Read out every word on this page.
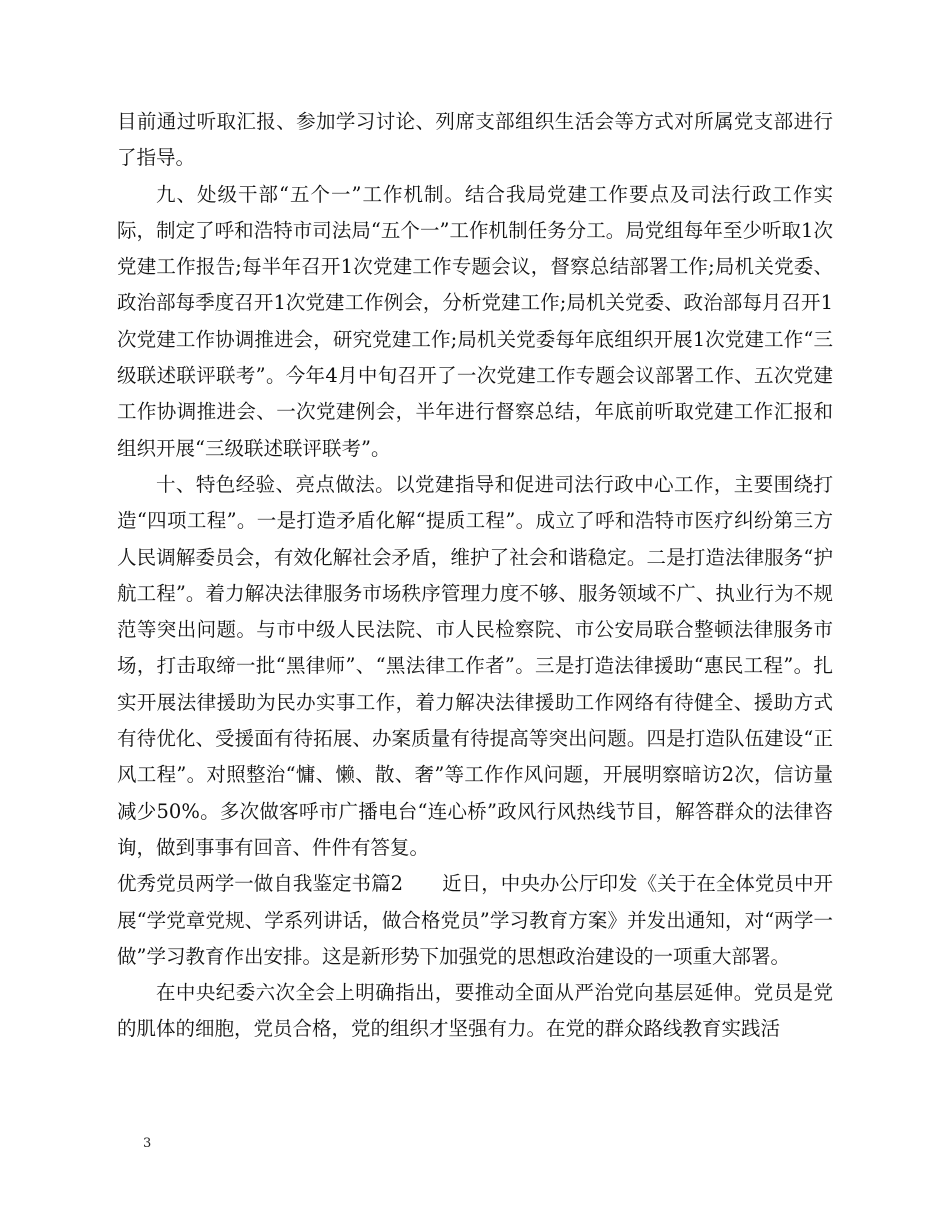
目前通过听取汇报、参加学习讨论、列席支部组织生活会等方式对所属党支部进行了指导。

九、处级干部“五个一”工作机制。结合我局党建工作要点及司法行政工作实际，制定了呼和浩特市司法局“五个一”工作机制任务分工。局党组每年至少听取1次党建工作报告;每半年召开1次党建工作专题会议，督察总结部署工作;局机关党委、政治部每季度召开1次党建工作例会，分析党建工作;局机关党委、政治部每月召开1次党建工作协调推进会，研究党建工作;局机关党委每年底组织开展1次党建工作“三级联述联评联考”。今年4月中旬召开了一次党建工作专题会议部署工作、五次党建工作协调推进会、一次党建例会，半年进行督察总结，年底前听取党建工作汇报和组织开展“三级联述联评联考”。

十、特色经验、亮点做法。以党建指导和促进司法行政中心工作，主要围绕打造“四项工程”。一是打造矛盾化解“提质工程”。成立了呼和浩特市医疗纠纷第三方人民调解委员会，有效化解社会矛盾，维护了社会和谐稳定。二是打造法律服务“护航工程”。着力解决法律服务市场秩序管理力度不够、服务领域不广、执业行为不规范等突出问题。与市中级人民法院、市人民检察院、市公安局联合整顿法律服务市场，打击取缔一批“黑律师”、“黑法律工作者”。三是打造法律援助“惠民工程”。扎实开展法律援助为民办实事工作，着力解决法律援助工作网络有待健全、援助方式有待优化、受援面有待拓展、办案质量有待提高等突出问题。四是打造队伍建设“正风工程”。对照整治“慵、懒、散、奢”等工作作风问题，开展明察暗访2次，信访量减少50%。多次做客呼市广播电台“连心桥”政风行风热线节目，解答群众的法律咨询，做到事事有回音、件件有答复。

优秀党员两学一做自我鉴定书篇2　　近日，中央办公厅印发《关于在全体党员中开展“学党章党规、学系列讲话，做合格党员”学习教育方案》并发出通知，对“两学一做”学习教育作出安排。这是新形势下加强党的思想政治建设的一项重大部署。

在中央纪委六次全会上明确指出，要推动全面从严治党向基层延伸。党员是党的肌体的细胞，党员合格，党的组织才坚强有力。在党的群众路线教育实践活

3
